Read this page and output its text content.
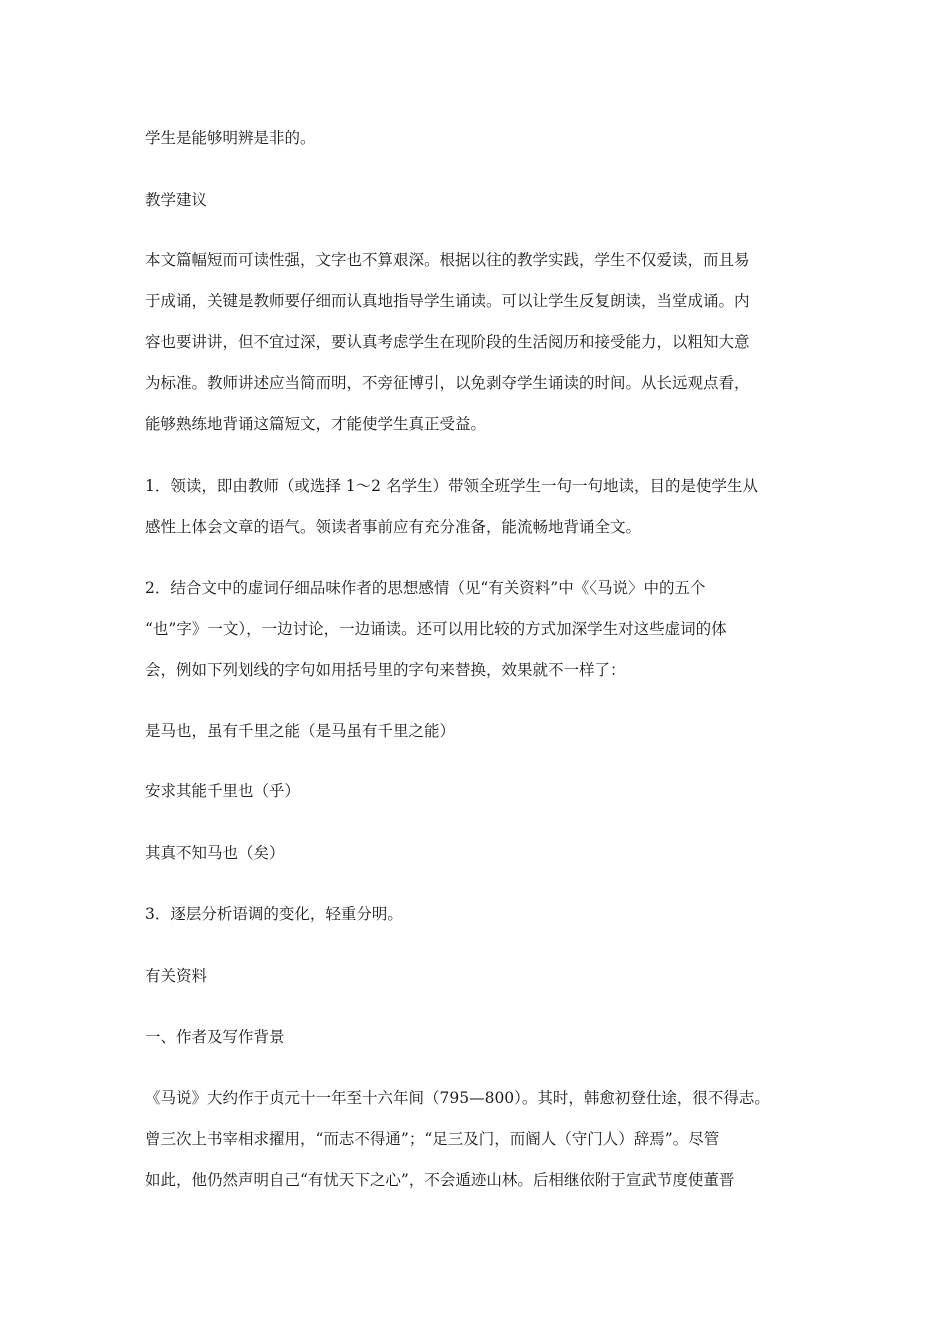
学生是能够明辨是非的。
教学建议
本文篇幅短而可读性强，文字也不算艰深。根据以往的教学实践，学生不仅爱读，而且易
于成诵，关键是教师要仔细而认真地指导学生诵读。可以让学生反复朗读，当堂成诵。内
容也要讲讲，但不宜过深，要认真考虑学生在现阶段的生活阅历和接受能力，以粗知大意
为标准。教师讲述应当简而明，不旁征博引，以免剥夺学生诵读的时间。从长远观点看，
能够熟练地背诵这篇短文，才能使学生真正受益。
1．领读，即由教师（或选择 1～2 名学生）带领全班学生一句一句地读，目的是使学生从
感性上体会文章的语气。领读者事前应有充分准备，能流畅地背诵全文。
2．结合文中的虚词仔细品味作者的思想感情（见“有关资料”中《〈马说〉中的五个
“也”字》一文），一边讨论，一边诵读。还可以用比较的方式加深学生对这些虚词的体
会，例如下列划线的字句如用括号里的字句来替换，效果就不一样了：
是马也，虽有千里之能（是马虽有千里之能）
安求其能千里也（乎）
其真不知马也（矣）
3．逐层分析语调的变化，轻重分明。
有关资料
一、作者及写作背景
《马说》大约作于贞元十一年至十六年间（795—800）。其时，韩愈初登仕途，很不得志。
曾三次上书宰相求擢用，“而志不得通”；“足三及门，而阍人（守门人）辞焉”。尽管
如此，他仍然声明自己“有忧天下之心”，不会遁迹山林。后相继依附于宣武节度使董晋
